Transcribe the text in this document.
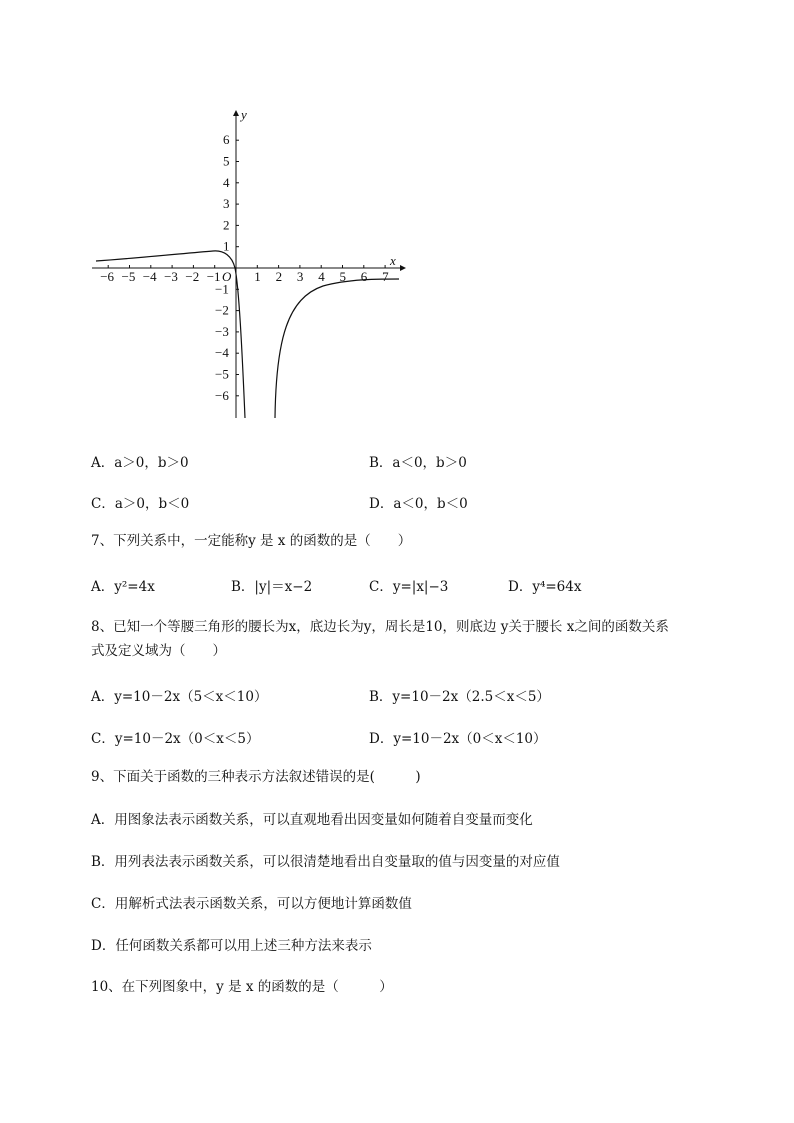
x
y
O
−6 −5 −4 −3 −2 −1	1 2 3 4 5 6 7
6
5
4
3
2
1
−1
−2
−3
−4
−5
−6
A．a＞0，b＞0	B．a＜0，b＞0
C．a＞0，b＜0	D．a＜0，b＜0
7、下列关系中，一定能称y 是 x 的函数的是（　　）
A．y²=4x	B．|y|＝x−2	C．y=|x|−3	D．y⁴=64x
8、已知一个等腰三角形的腰长为x，底边长为y，周长是10，则底边 y关于腰长 x之间的函数关系
式及定义域为（　　）
A．y=10－2x（5＜x＜10）	B．y=10－2x（2.5＜x＜5）
C．y=10－2x（0＜x＜5）	D．y=10－2x（0＜x＜10）
9、下面关于函数的三种表示方法叙述错误的是(　　　)
A．用图象法表示函数关系，可以直观地看出因变量如何随着自变量而变化
B．用列表法表示函数关系，可以很清楚地看出自变量取的值与因变量的对应值
C．用解析式法表示函数关系，可以方便地计算函数值
D．任何函数关系都可以用上述三种方法来表示
10、在下列图象中，y 是 x 的函数的是（　　　）
